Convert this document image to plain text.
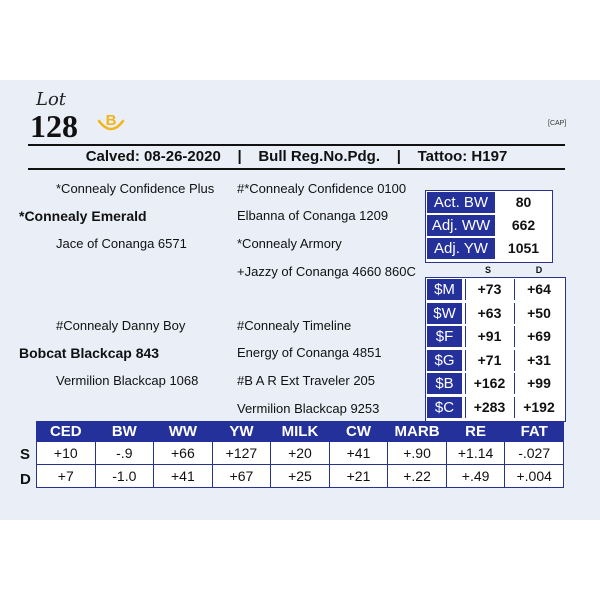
Lot
128 B	[CAP]
Calved: 08-26-2020 | Bull Reg.No.Pdg. | Tattoo: H197
*Connealy Confidence Plus
*Connealy Emerald
Jace of Conanga 6571
#*Connealy Confidence 0100
Elbanna of Conanga 1209
*Connealy Armory
+Jazzy of Conanga 4660 860C
#Connealy Danny Boy
Bobcat Blackcap 843
Vermilion Blackcap 1068
#Connealy Timeline
Energy of Conanga 4851
#B A R Ext Traveler 205
Vermilion Blackcap 9253
Act. BW	80
Adj. WW	662
Adj. YW	1051
S	D
$M	+73	+64
$W	+63	+50
$F	+91	+69
$G	+71	+31
$B	+162	+99
$C	+283	+192
CED	BW	WW	YW	MILK	CW	MARB	RE	FAT
+10	-.9	+66	+127	+20	+41	+.90	+1.14	-.027
+7	-1.0	+41	+67	+25	+21	+.22	+.49	+.004
S
D
